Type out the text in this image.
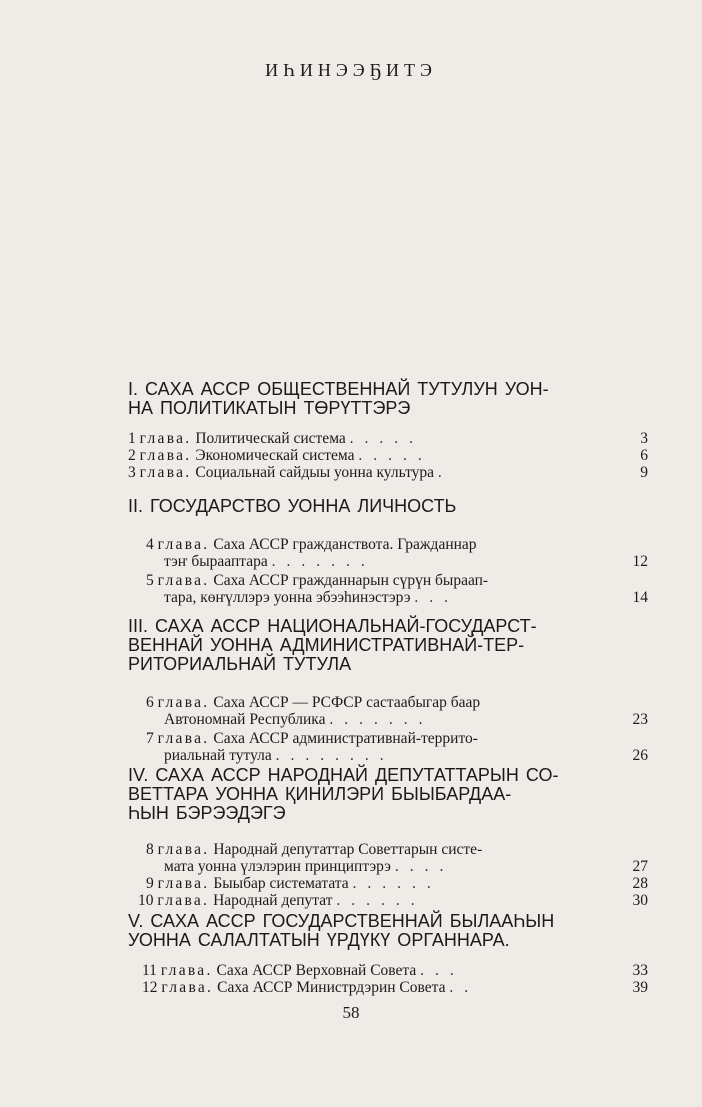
ИҺИНЭЭҔИТЭ
I. САХА АССР ОБЩЕСТВЕННАЙ ТУТУЛУН УОН-
НА ПОЛИТИКАТЫН ТӨРҮТТЭРЭ
1 глава. Политическай система .....	3
2 глава. Экономическай система .....	6
3 глава. Социальнай сайдыы уонна культура .	9
II. ГОСУДАРСТВО УОННА ЛИЧНОСТЬ
4 глава. Саха АССР гражданствота. Гражданнар
тэҥ бырааптара .......	12
5 глава. Саха АССР гражданнарын сүрүн быраап-
тара, көҥүллэрэ уонна эбээһинэстэрэ ...	14
III. САХА АССР НАЦИОНАЛЬНАЙ-ГОСУДАРСТ-
ВЕННАЙ УОННА АДМИНИСТРАТИВНАЙ-ТЕР-
РИТОРИАЛЬНАЙ ТУТУЛА
6 глава. Саха АССР — РСФСР састаабыгар баар
Автономнай Республика .......	23
7 глава. Саха АССР административнай-террито-
риальнай тутула ........	26
IV. САХА АССР НАРОДНАЙ ДЕПУТАТТАРЫН СО-
ВЕТТАРА УОННА ҚИНИЛЭРИ БЫЫБАРДАА-
ҺЫН БЭРЭЭДЭГЭ
8 глава. Народнай депутаттар Советтарын систе-
мата уонна үлэлэрин принциптэрэ ....	27
9 глава. Быыбар систематата ......	28
10 глава. Народнай депутат ......	30
V. САХА АССР ГОСУДАРСТВЕННАЙ БЫЛААҺЫН
УОННА САЛАЛТАТЫН ҮРДҮКҮ ОРГАННАРА.
11 глава. Саха АССР Верховнай Совета ...	33
12 глава. Саха АССР Министрдэрин Совета ..	39
58
